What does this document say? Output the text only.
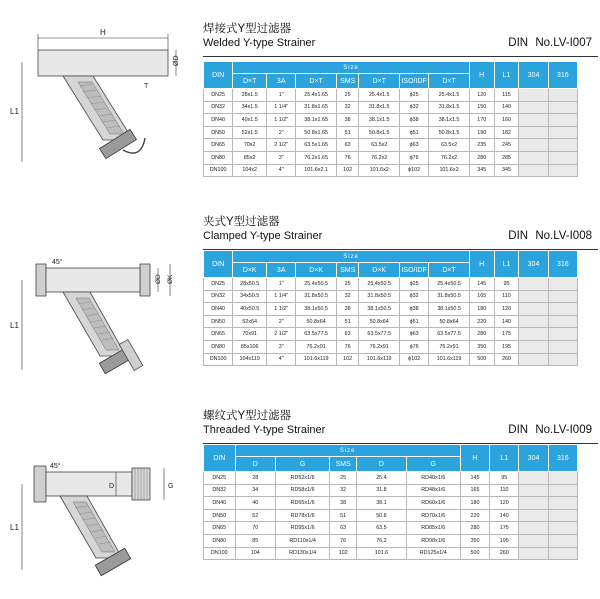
H
ØD
T
L1
焊接式Y型过滤器
Welded Y-type Strainer	DIN No.LV-I007
DIN	Size							H	L1	304	316
	D×T	3A	D×T	SMS	D×T	ISO/IDF	D×T				
DN25	28x1.5	1"	25.4x1.65	25	25.4x1.5	ϕ25	25.4x1.5	120	115		
DN32	34x1.5	1 1/4"	31.8x1.65	32	31.8x1.5	ϕ32	31.8x1.5	150	140		
DN40	40x1.5	1 1/2"	38.1x1.65	38	38.1x1.5	ϕ38	38.1x1.5	170	160		
DN50	52x1.5	2"	50.8x1.65	51	50.8x1.5	ϕ51	50.8x1.5	190	182		
DN65	70x2	2 1/2"	63.5x1.65	63	63.5x2	ϕ63	63.5x2	235	245		
DN80	85x2	3"	76.2x1.65	76	76.2x2	ϕ76	76.2x2	280	285		
DN100	104x2	4"	101.6x2.1	102	101.6x2	ϕ102	101.6x2	345	345		
45°
ØD ØK
L1
夹式Y型过滤器
Clamped Y-type Strainer	DIN No.LV-I008
DIN	Size							H	L1	304	316
	D×K	3A	D×K	SMS	D×K	ISO/IDF	D×T				
DN25	28x50.5	1"	25.4x50.5	25	25.4x50.5	ϕ25	25.4x50.5	145	95		
DN32	34x50.5	1 1/4"	31.8x50.5	32	31.8x50.5	ϕ32	31.8x50.5	165	110		
DN40	40x50.5	1 1/2"	38.1x50.5	38	38.1x50.5	ϕ38	38.1x50.5	180	120		
DN50	52x64	2"	50.8x64	51	50.8x64	ϕ51	50.8x64	220	140		
DN65	70x91	2 1/2"	63.5x77.5	63	63.5x77.5	ϕ63	63.5x77.5	280	175		
DN80	85x106	3"	76.2x91	76	76.2x91	ϕ76	76.2x91	350	195		
DN100	104x119	4"	101.6x119	102	101.6x119	ϕ102	101.6x119	500	260		
45°
D	G
L1
螺纹式Y型过滤器
Threaded Y-type Strainer	DIN No.LV-I009
DIN	Size					H	L1	304	316
	D	G	SMS	D	G				
DN25	28	RD52x1/6	25	25.4	RD40x1/6	145	95		
DN32	34	RD58x1/6	32	31.8	RD48x1/6	165	110		
DN40	40	RD65x1/6	38	38.1	RD60x1/6	180	120		
DN50	52	RD78x1/6	51	50.8	RD70x1/6	220	140		
DN65	70	RD95x1/6	63	63.5	RD85x1/6	280	175		
DN80	85	RD110x1/4	76	76.2	RD98x1/6	350	195		
DN100	104	RD130x1/4	102	101.6	RD125x1/4	500	260		
